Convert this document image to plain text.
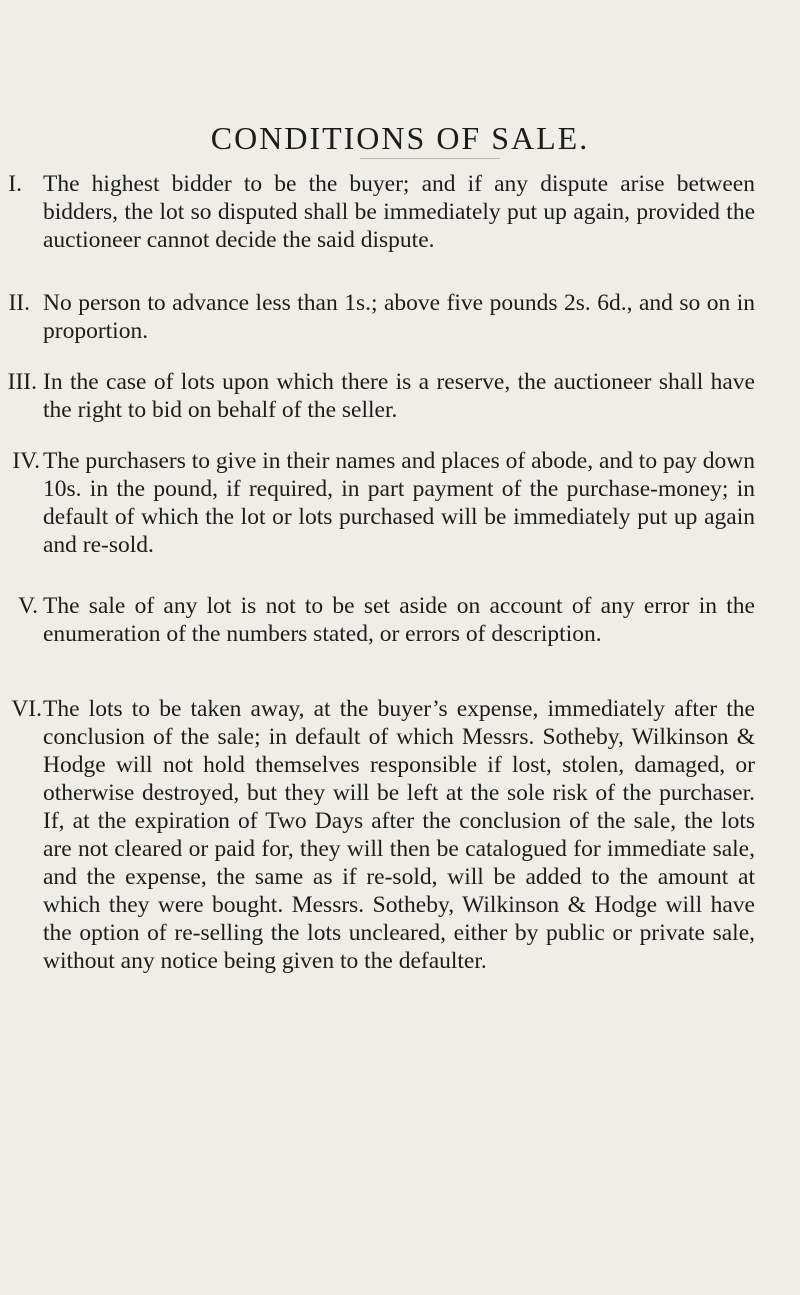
CONDITIONS OF SALE.
I. The highest bidder to be the buyer; and if any dispute arise between bidders, the lot so disputed shall be immediately put up again, provided the auctioneer cannot decide the said dispute.
II. No person to advance less than 1s.; above five pounds 2s. 6d., and so on in proportion.
III. In the case of lots upon which there is a reserve, the auctioneer shall have the right to bid on behalf of the seller.
IV. The purchasers to give in their names and places of abode, and to pay down 10s. in the pound, if required, in part payment of the purchase-money; in default of which the lot or lots purchased will be immediately put up again and re-sold.
V. The sale of any lot is not to be set aside on account of any error in the enumeration of the numbers stated, or errors of description.
VI. The lots to be taken away, at the buyer’s expense, immediately after the conclusion of the sale; in default of which Messrs. Sotheby, Wilkinson & Hodge will not hold themselves responsible if lost, stolen, damaged, or otherwise destroyed, but they will be left at the sole risk of the purchaser. If, at the expiration of Two Days after the conclusion of the sale, the lots are not cleared or paid for, they will then be catalogued for immediate sale, and the expense, the same as if re-sold, will be added to the amount at which they were bought. Messrs. Sotheby, Wilkinson & Hodge will have the option of re-selling the lots uncleared, either by public or private sale, without any notice being given to the defaulter.
